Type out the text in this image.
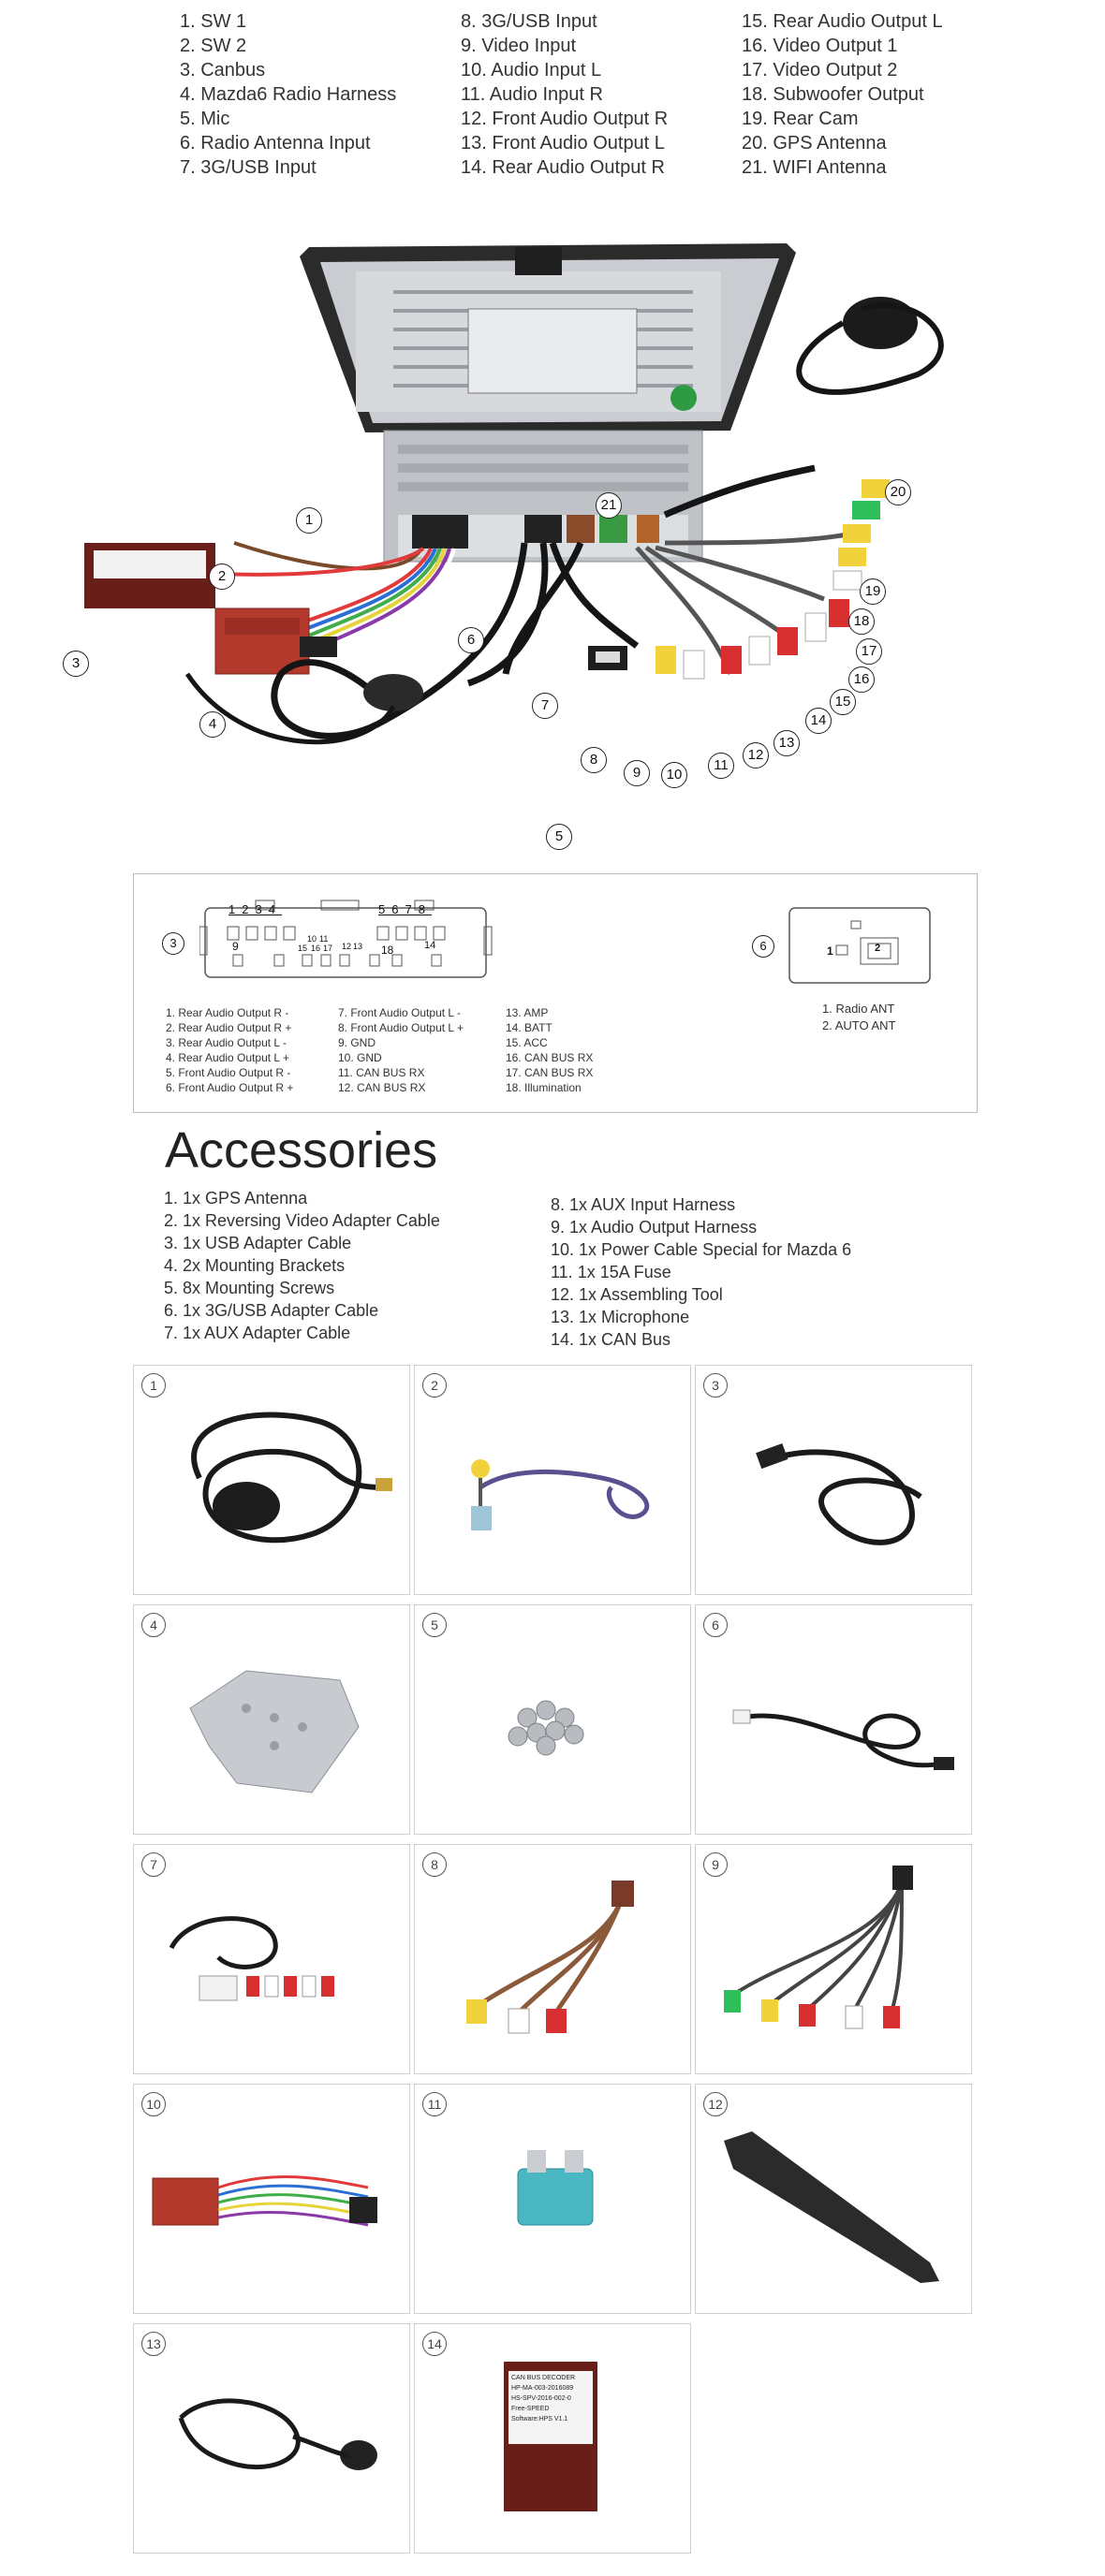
1. SW 1
2. SW 2
3. Canbus
4. Mazda6 Radio Harness
5. Mic
6. Radio Antenna Input
7. 3G/USB Input
8. 3G/USB Input
9. Video Input
10. Audio Input L
11. Audio Input R
12. Front Audio Output R
13. Front Audio Output L
14. Rear Audio Output R
15. Rear Audio Output L
16. Video Output 1
17. Video Output 2
18. Subwoofer Output
19. Rear Cam
20. GPS Antenna
21. WIFI Antenna
1
2
3
4
5
6
7
8
9	10
11
12
13
14
15
16
17
18
19
20
21
3
1234	5678
9
10 11
12 13	14
15 16 17	18
1. Rear Audio Output R -
2. Rear Audio Output R +
3. Rear Audio Output L -
4. Rear Audio Output L +
5. Front Audio Output R -
6. Front Audio Output R +
7. Front Audio Output L -
8. Front Audio Output L +
9. GND
10. GND
11. CAN BUS RX
12. CAN BUS RX
13. AMP
14. BATT
15. ACC
16. CAN BUS RX
17. CAN BUS RX
18. Illumination
6	1	2
1. Radio ANT
2. AUTO ANT
Accessories
1. 1x GPS Antenna
2. 1x Reversing Video Adapter Cable
3. 1x USB Adapter Cable
4. 2x Mounting Brackets
5. 8x Mounting Screws
6. 1x 3G/USB Adapter Cable
7. 1x AUX Adapter Cable
8. 1x AUX Input Harness
9. 1x Audio Output Harness
10. 1x Power Cable Special for Mazda 6
11. 1x 15A Fuse
12. 1x Assembling Tool
13. 1x Microphone
14. 1x CAN Bus
1	2	3
4	5	6
7	8	9
10	11	12
13
CAN BUS DECODER
HP-MA-003-2016089
HS-SPV-2016-002-0
Free-SPEED
Software:HPS V1.1
14
